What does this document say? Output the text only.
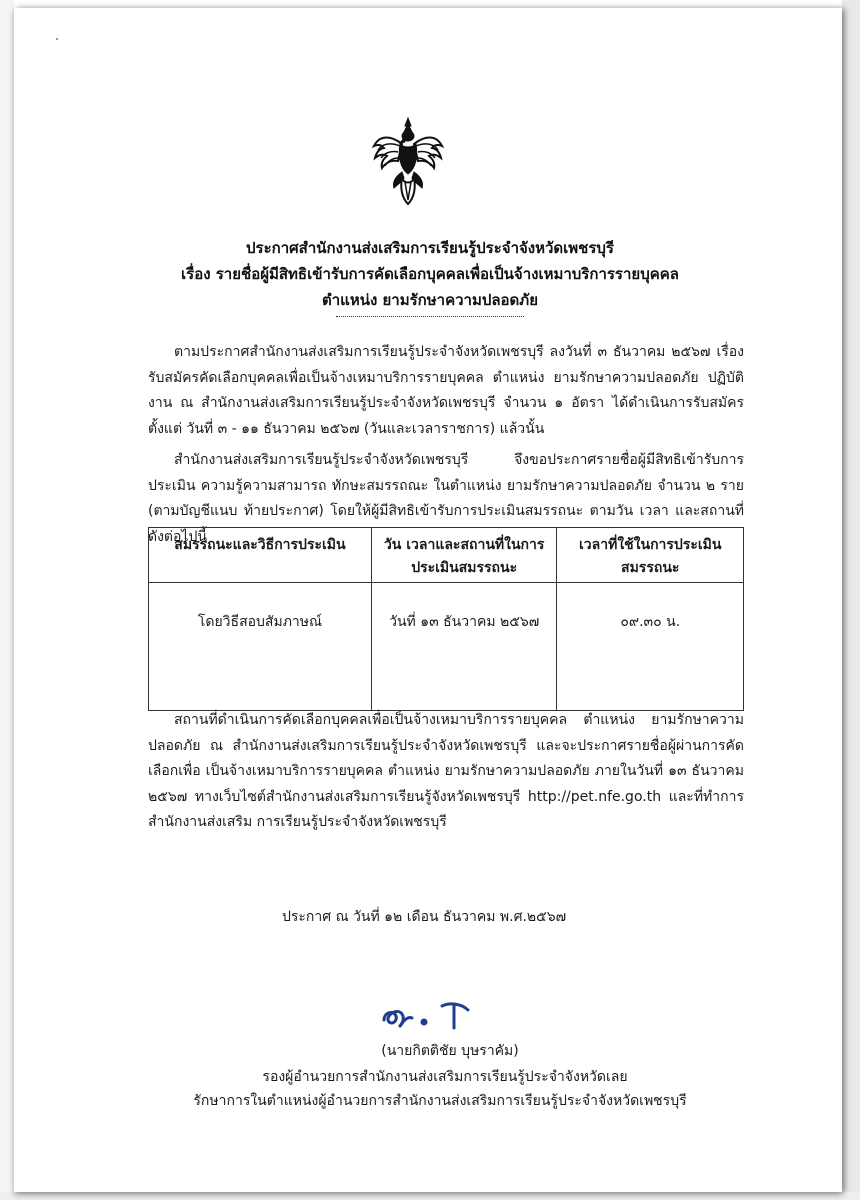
ประกาศสำนักงานส่งเสริมการเรียนรู้ประจำจังหวัดเพชรบุรี
เรื่อง รายชื่อผู้มีสิทธิเข้ารับการคัดเลือกบุคคลเพื่อเป็นจ้างเหมาบริการรายบุคคล
ตำแหน่ง ยามรักษาความปลอดภัย
ตามประกาศสำนักงานส่งเสริมการเรียนรู้ประจำจังหวัดเพชรบุรี ลงวันที่ ๓ ธันวาคม ๒๕๖๗ เรื่อง รับสมัครคัดเลือกบุคคลเพื่อเป็นจ้างเหมาบริการรายบุคคล ตำแหน่ง ยามรักษาความปลอดภัย ปฏิบัติงาน ณ สำนักงานส่งเสริมการเรียนรู้ประจำจังหวัดเพชรบุรี จำนวน ๑ อัตรา ได้ดำเนินการรับสมัครตั้งแต่ วันที่ ๓ - ๑๑ ธันวาคม ๒๕๖๗ (วันและเวลาราชการ) แล้วนั้น
สำนักงานส่งเสริมการเรียนรู้ประจำจังหวัดเพชรบุรี จึงขอประกาศรายชื่อผู้มีสิทธิเข้ารับการประเมิน ความรู้ความสามารถ ทักษะสมรรถณะ ในตำแหน่ง ยามรักษาความปลอดภัย จำนวน ๒ ราย (ตามบัญชีแนบ ท้ายประกาศ) โดยให้ผู้มีสิทธิเข้ารับการประเมินสมรรถนะ ตามวัน เวลา และสถานที่ ดังต่อไปนี้
สมรรถนะและวิธีการประเมิน	วัน เวลาและสถานที่ในการ ประเมินสมรรถนะ	เวลาที่ใช้ในการประเมิน สมรรถนะ
โดยวิธีสอบสัมภาษณ์	วันที่ ๑๓ ธันวาคม ๒๕๖๗	๐๙.๓๐ น.
สถานที่ดำเนินการคัดเลือกบุคคลเพื่อเป็นจ้างเหมาบริการรายบุคคล ตำแหน่ง ยามรักษาความ ปลอดภัย ณ สำนักงานส่งเสริมการเรียนรู้ประจำจังหวัดเพชรบุรี และจะประกาศรายชื่อผู้ผ่านการคัดเลือกเพื่อ เป็นจ้างเหมาบริการรายบุคคล ตำแหน่ง ยามรักษาความปลอดภัย ภายในวันที่ ๑๓ ธันวาคม ๒๕๖๗ ทางเว็บไซต์สำนักงานส่งเสริมการเรียนรู้จังหวัดเพชรบุรี http://pet.nfe.go.th และที่ทำการสำนักงานส่งเสริม การเรียนรู้ประจำจังหวัดเพชรบุรี
ประกาศ ณ วันที่ ๑๒ เดือน ธันวาคม พ.ศ.๒๕๖๗
(นายกิตติชัย บุษราคัม)
รองผู้อำนวยการสำนักงานส่งเสริมการเรียนรู้ประจำจังหวัดเลย
รักษาการในตำแหน่งผู้อำนวยการสำนักงานส่งเสริมการเรียนรู้ประจำจังหวัดเพชรบุรี
